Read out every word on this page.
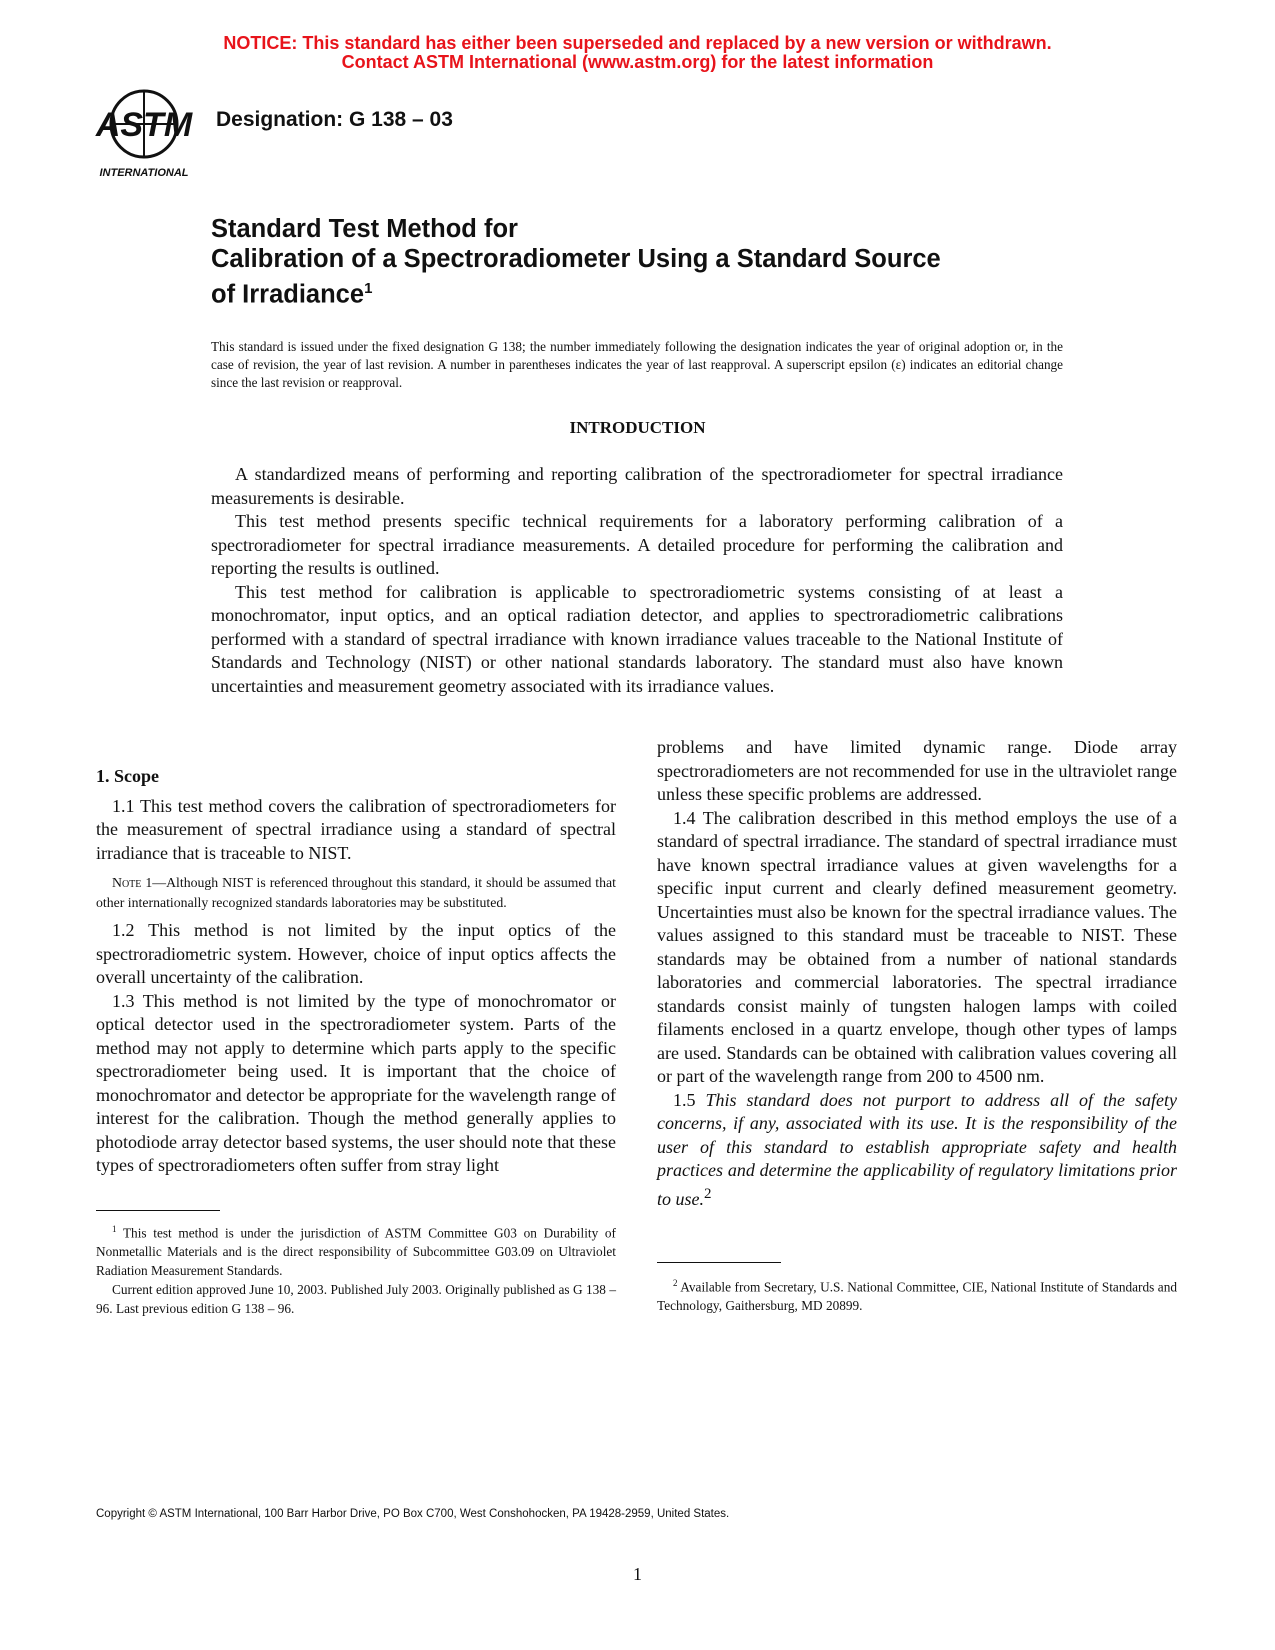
NOTICE: This standard has either been superseded and replaced by a new version or withdrawn.
Contact ASTM International (www.astm.org) for the latest information
ASTM
INTERNATIONAL
Designation: G 138 – 03
Standard Test Method for
Calibration of a Spectroradiometer Using a Standard Source
of Irradiance$^1$
This standard is issued under the fixed designation G 138; the number immediately following the designation indicates the year of original adoption or, in the case of revision, the year of last revision. A number in parentheses indicates the year of last reapproval. A superscript epsilon (ε) indicates an editorial change since the last revision or reapproval.
INTRODUCTION

A standardized means of performing and reporting calibration of the spectroradiometer for spectral irradiance measurements is desirable.

This test method presents specific technical requirements for a laboratory performing calibration of a spectroradiometer for spectral irradiance measurements. A detailed procedure for performing the calibration and reporting the results is outlined.

This test method for calibration is applicable to spectroradiometric systems consisting of at least a monochromator, input optics, and an optical radiation detector, and applies to spectroradiometric calibrations performed with a standard of spectral irradiance with known irradiance values traceable to the National Institute of Standards and Technology (NIST) or other national standards laboratory. The standard must also have known uncertainties and measurement geometry associated with its irradiance values.

1. Scope

1.1 This test method covers the calibration of spectroradiometers for the measurement of spectral irradiance using a standard of spectral irradiance that is traceable to NIST.

Note 1—Although NIST is referenced throughout this standard, it should be assumed that other internationally recognized standards laboratories may be substituted.

1.2 This method is not limited by the input optics of the spectroradiometric system. However, choice of input optics affects the overall uncertainty of the calibration.

1.3 This method is not limited by the type of monochromator or optical detector used in the spectroradiometer system. Parts of the method may not apply to determine which parts apply to the specific spectroradiometer being used. It is important that the choice of monochromator and detector be appropriate for the wavelength range of interest for the calibration. Though the method generally applies to photodiode array detector based systems, the user should note that these types of spectroradiometers often suffer from stray light

problems and have limited dynamic range. Diode array spectroradiometers are not recommended for use in the ultraviolet range unless these specific problems are addressed.

1.4 The calibration described in this method employs the use of a standard of spectral irradiance. The standard of spectral irradiance must have known spectral irradiance values at given wavelengths for a specific input current and clearly defined measurement geometry. Uncertainties must also be known for the spectral irradiance values. The values assigned to this standard must be traceable to NIST. These standards may be obtained from a number of national standards laboratories and commercial laboratories. The spectral irradiance standards consist mainly of tungsten halogen lamps with coiled filaments enclosed in a quartz envelope, though other types of lamps are used. Standards can be obtained with calibration values covering all or part of the wavelength range from 200 to 4500 nm.

1.5 This standard does not purport to address all of the safety concerns, if any, associated with its use. It is the responsibility of the user of this standard to establish appropriate safety and health practices and determine the applicability of regulatory limitations prior to use.$^2$

$^1$ This test method is under the jurisdiction of ASTM Committee G03 on Durability of Nonmetallic Materials and is the direct responsibility of Subcommittee G03.09 on Ultraviolet Radiation Measurement Standards.

Current edition approved June 10, 2003. Published July 2003. Originally published as G 138 – 96. Last previous edition G 138 – 96.

$^2$ Available from Secretary, U.S. National Committee, CIE, National Institute of Standards and Technology, Gaithersburg, MD 20899.

Copyright © ASTM International, 100 Barr Harbor Drive, PO Box C700, West Conshohocken, PA 19428-2959, United States.
1
